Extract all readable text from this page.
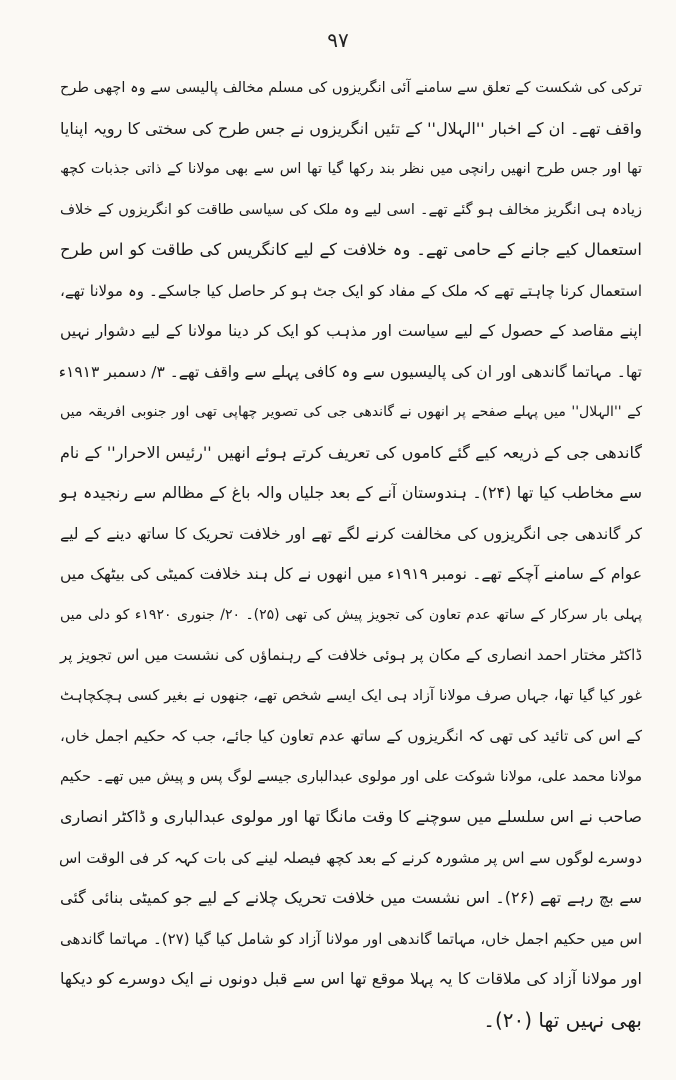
۹۷
ترکی کی شکست کے تعلق سے سامنے آئی انگریزوں کی مسلم مخالف پالیسی سے وہ اچھی طرح
واقف تھے۔ ان کے اخبار ''الہلال'' کے تئیں انگریزوں نے جس طرح کی سختی کا رویہ اپنایا
تھا اور جس طرح انھیں رانچی میں نظر بند رکھا گیا تھا اس سے بھی مولانا کے ذاتی جذبات کچھ
زیادہ ہی انگریز مخالف ہو گئے تھے۔ اسی لیے وہ ملک کی سیاسی طاقت کو انگریزوں کے خلاف
استعمال کیے جانے کے حامی تھے۔ وہ خلافت کے لیے کانگریس کی طاقت کو اس طرح
استعمال کرنا چاہتے تھے کہ ملک کے مفاد کو ایک جٹ ہو کر حاصل کیا جاسکے۔ وہ مولانا تھے،
اپنے مقاصد کے حصول کے لیے سیاست اور مذہب کو ایک کر دینا مولانا کے لیے دشوار نہیں
تھا۔ مہاتما گاندھی اور ان کی پالیسیوں سے وہ کافی پہلے سے واقف تھے۔ ۳/ دسمبر ۱۹۱۳ء
کے ''الہلال'' میں پہلے صفحے پر انھوں نے گاندھی جی کی تصویر چھاپی تھی اور جنوبی افریقہ میں
گاندھی جی کے ذریعہ کیے گئے کاموں کی تعریف کرتے ہوئے انھیں ''رئیس الاحرار'' کے نام
سے مخاطب کیا تھا (۲۴)۔ ہندوستان آنے کے بعد جلیاں والہ باغ کے مظالم سے رنجیدہ ہو
کر گاندھی جی انگریزوں کی مخالفت کرنے لگے تھے اور خلافت تحریک کا ساتھ دینے کے لیے
عوام کے سامنے آچکے تھے۔ نومبر ۱۹۱۹ء میں انھوں نے کل ہند خلافت کمیٹی کی بیٹھک میں
پہلی بار سرکار کے ساتھ عدم تعاون کی تجویز پیش کی تھی (۲۵)۔ ۲۰/ جنوری ۱۹۲۰ء کو دلی میں
ڈاکٹر مختار احمد انصاری کے مکان پر ہوئی خلافت کے رہنماؤں کی نشست میں اس تجویز پر
غور کیا گیا تھا، جہاں صرف مولانا آزاد ہی ایک ایسے شخص تھے، جنھوں نے بغیر کسی ہچکچاہٹ
کے اس کی تائید کی تھی کہ انگریزوں کے ساتھ عدم تعاون کیا جائے، جب کہ حکیم اجمل خاں،
مولانا محمد علی، مولانا شوکت علی اور مولوی عبدالباری جیسے لوگ پس و پیش میں تھے۔ حکیم
صاحب نے اس سلسلے میں سوچنے کا وقت مانگا تھا اور مولوی عبدالباری و ڈاکٹر انصاری
دوسرے لوگوں سے اس پر مشورہ کرنے کے بعد کچھ فیصلہ لینے کی بات کہہ کر فی الوقت اس
سے بچ رہے تھے (۲۶)۔ اس نشست میں خلافت تحریک چلانے کے لیے جو کمیٹی بنائی گئی
اس میں حکیم اجمل خاں، مہاتما گاندھی اور مولانا آزاد کو شامل کیا گیا (۲۷)۔ مہاتما گاندھی
اور مولانا آزاد کی ملاقات کا یہ پہلا موقع تھا اس سے قبل دونوں نے ایک دوسرے کو دیکھا
بھی نہیں تھا (۲۰)۔
